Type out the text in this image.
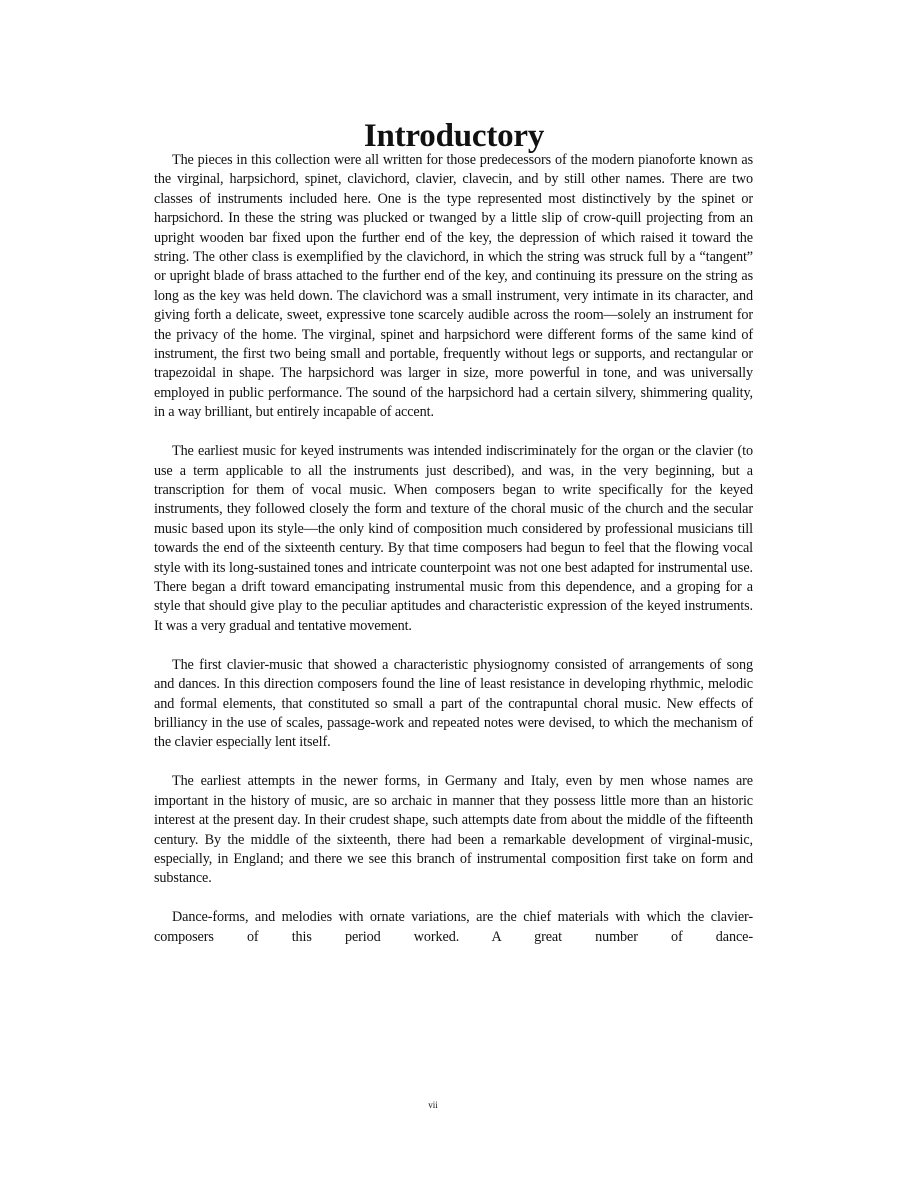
Introductory

The pieces in this collection were all written for those predecessors of the modern pianoforte known as the virginal, harpsichord, spinet, clavichord, clavier, clavecin, and by still other names. There are two classes of instruments included here. One is the type represented most distinctively by the spinet or harpsichord. In these the string was plucked or twanged by a little slip of crow-quill projecting from an upright wooden bar fixed upon the further end of the key, the depression of which raised it toward the string. The other class is exemplified by the clavichord, in which the string was struck full by a “tangent” or upright blade of brass attached to the further end of the key, and continuing its pressure on the string as long as the key was held down. The clavichord was a small instrument, very intimate in its character, and giving forth a delicate, sweet, expressive tone scarcely audible across the room—solely an instrument for the privacy of the home. The virginal, spinet and harpsichord were different forms of the same kind of instrument, the first two being small and portable, frequently without legs or supports, and rectangular or trapezoidal in shape. The harpsichord was larger in size, more powerful in tone, and was universally employed in public performance. The sound of the harpsichord had a certain silvery, shimmering quality, in a way brilliant, but entirely incapable of accent.

The earliest music for keyed instruments was intended indiscriminately for the organ or the clavier (to use a term applicable to all the instruments just described), and was, in the very beginning, but a transcription for them of vocal music. When composers began to write specifically for the keyed instruments, they followed closely the form and texture of the choral music of the church and the secular music based upon its style—the only kind of composition much considered by professional musicians till towards the end of the sixteenth century. By that time composers had begun to feel that the flowing vocal style with its long-sustained tones and intricate counterpoint was not one best adapted for instrumental use. There began a drift toward emancipating instrumental music from this dependence, and a groping for a style that should give play to the peculiar aptitudes and characteristic expression of the keyed instruments. It was a very gradual and tentative movement.

The first clavier-music that showed a characteristic physiognomy consisted of arrangements of song and dances. In this direction composers found the line of least resistance in developing rhythmic, melodic and formal elements, that constituted so small a part of the contrapuntal choral music. New effects of brilliancy in the use of scales, passage-work and repeated notes were devised, to which the mechanism of the clavier especially lent itself.

The earliest attempts in the newer forms, in Germany and Italy, even by men whose names are important in the history of music, are so archaic in manner that they possess little more than an historic interest at the present day. In their crudest shape, such attempts date from about the middle of the fifteenth century. By the middle of the sixteenth, there had been a remarkable development of virginal-music, especially, in England; and there we see this branch of instrumental composition first take on form and substance.

Dance-forms, and melodies with ornate variations, are the chief materials with which the clavier-composers of this period worked. A great number of dance-

vii
